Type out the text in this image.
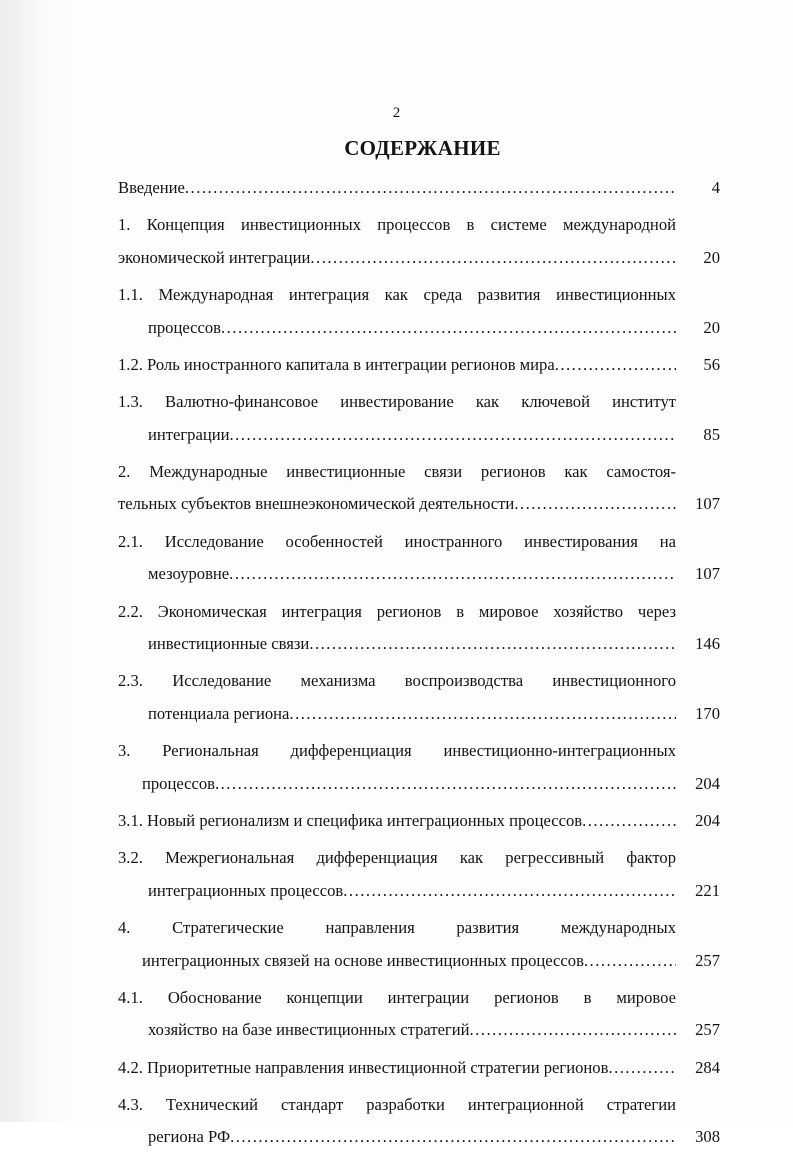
2
СОДЕРЖАНИЕ
Введение .....	4
1. Концепция инвестиционных процессов в системе международной
экономической интеграции .....	20
1.1. Международная интеграция как среда развития инвестиционных
процессов .....	20
1.2. Роль иностранного капитала в интеграции регионов мира .....	56
1.3. Валютно-финансовое инвестирование как ключевой институт
интеграции .....	85
2. Международные инвестиционные связи регионов как самостоя-
тельных субъектов внешнеэкономической деятельности .....	107
2.1. Исследование особенностей иностранного инвестирования на
мезоуровне .....	107
2.2. Экономическая интеграция регионов в мировое хозяйство через
инвестиционные связи .....	146
2.3. Исследование механизма воспроизводства инвестиционного
потенциала региона .....	170
3. Региональная дифференциация инвестиционно-интеграционных
процессов .....	204
3.1. Новый регионализм и специфика интеграционных процессов .....	204
3.2. Межрегиональная дифференциация как регрессивный фактор
интеграционных процессов .....	221
4. Стратегические направления развития международных
интеграционных связей на основе инвестиционных процессов .....	257
4.1. Обоснование концепции интеграции регионов в мировое
хозяйство на базе инвестиционных стратегий .....	257
4.2. Приоритетные направления инвестиционной стратегии регионов .....	284
4.3. Технический стандарт разработки интеграционной стратегии
региона РФ .....	308
